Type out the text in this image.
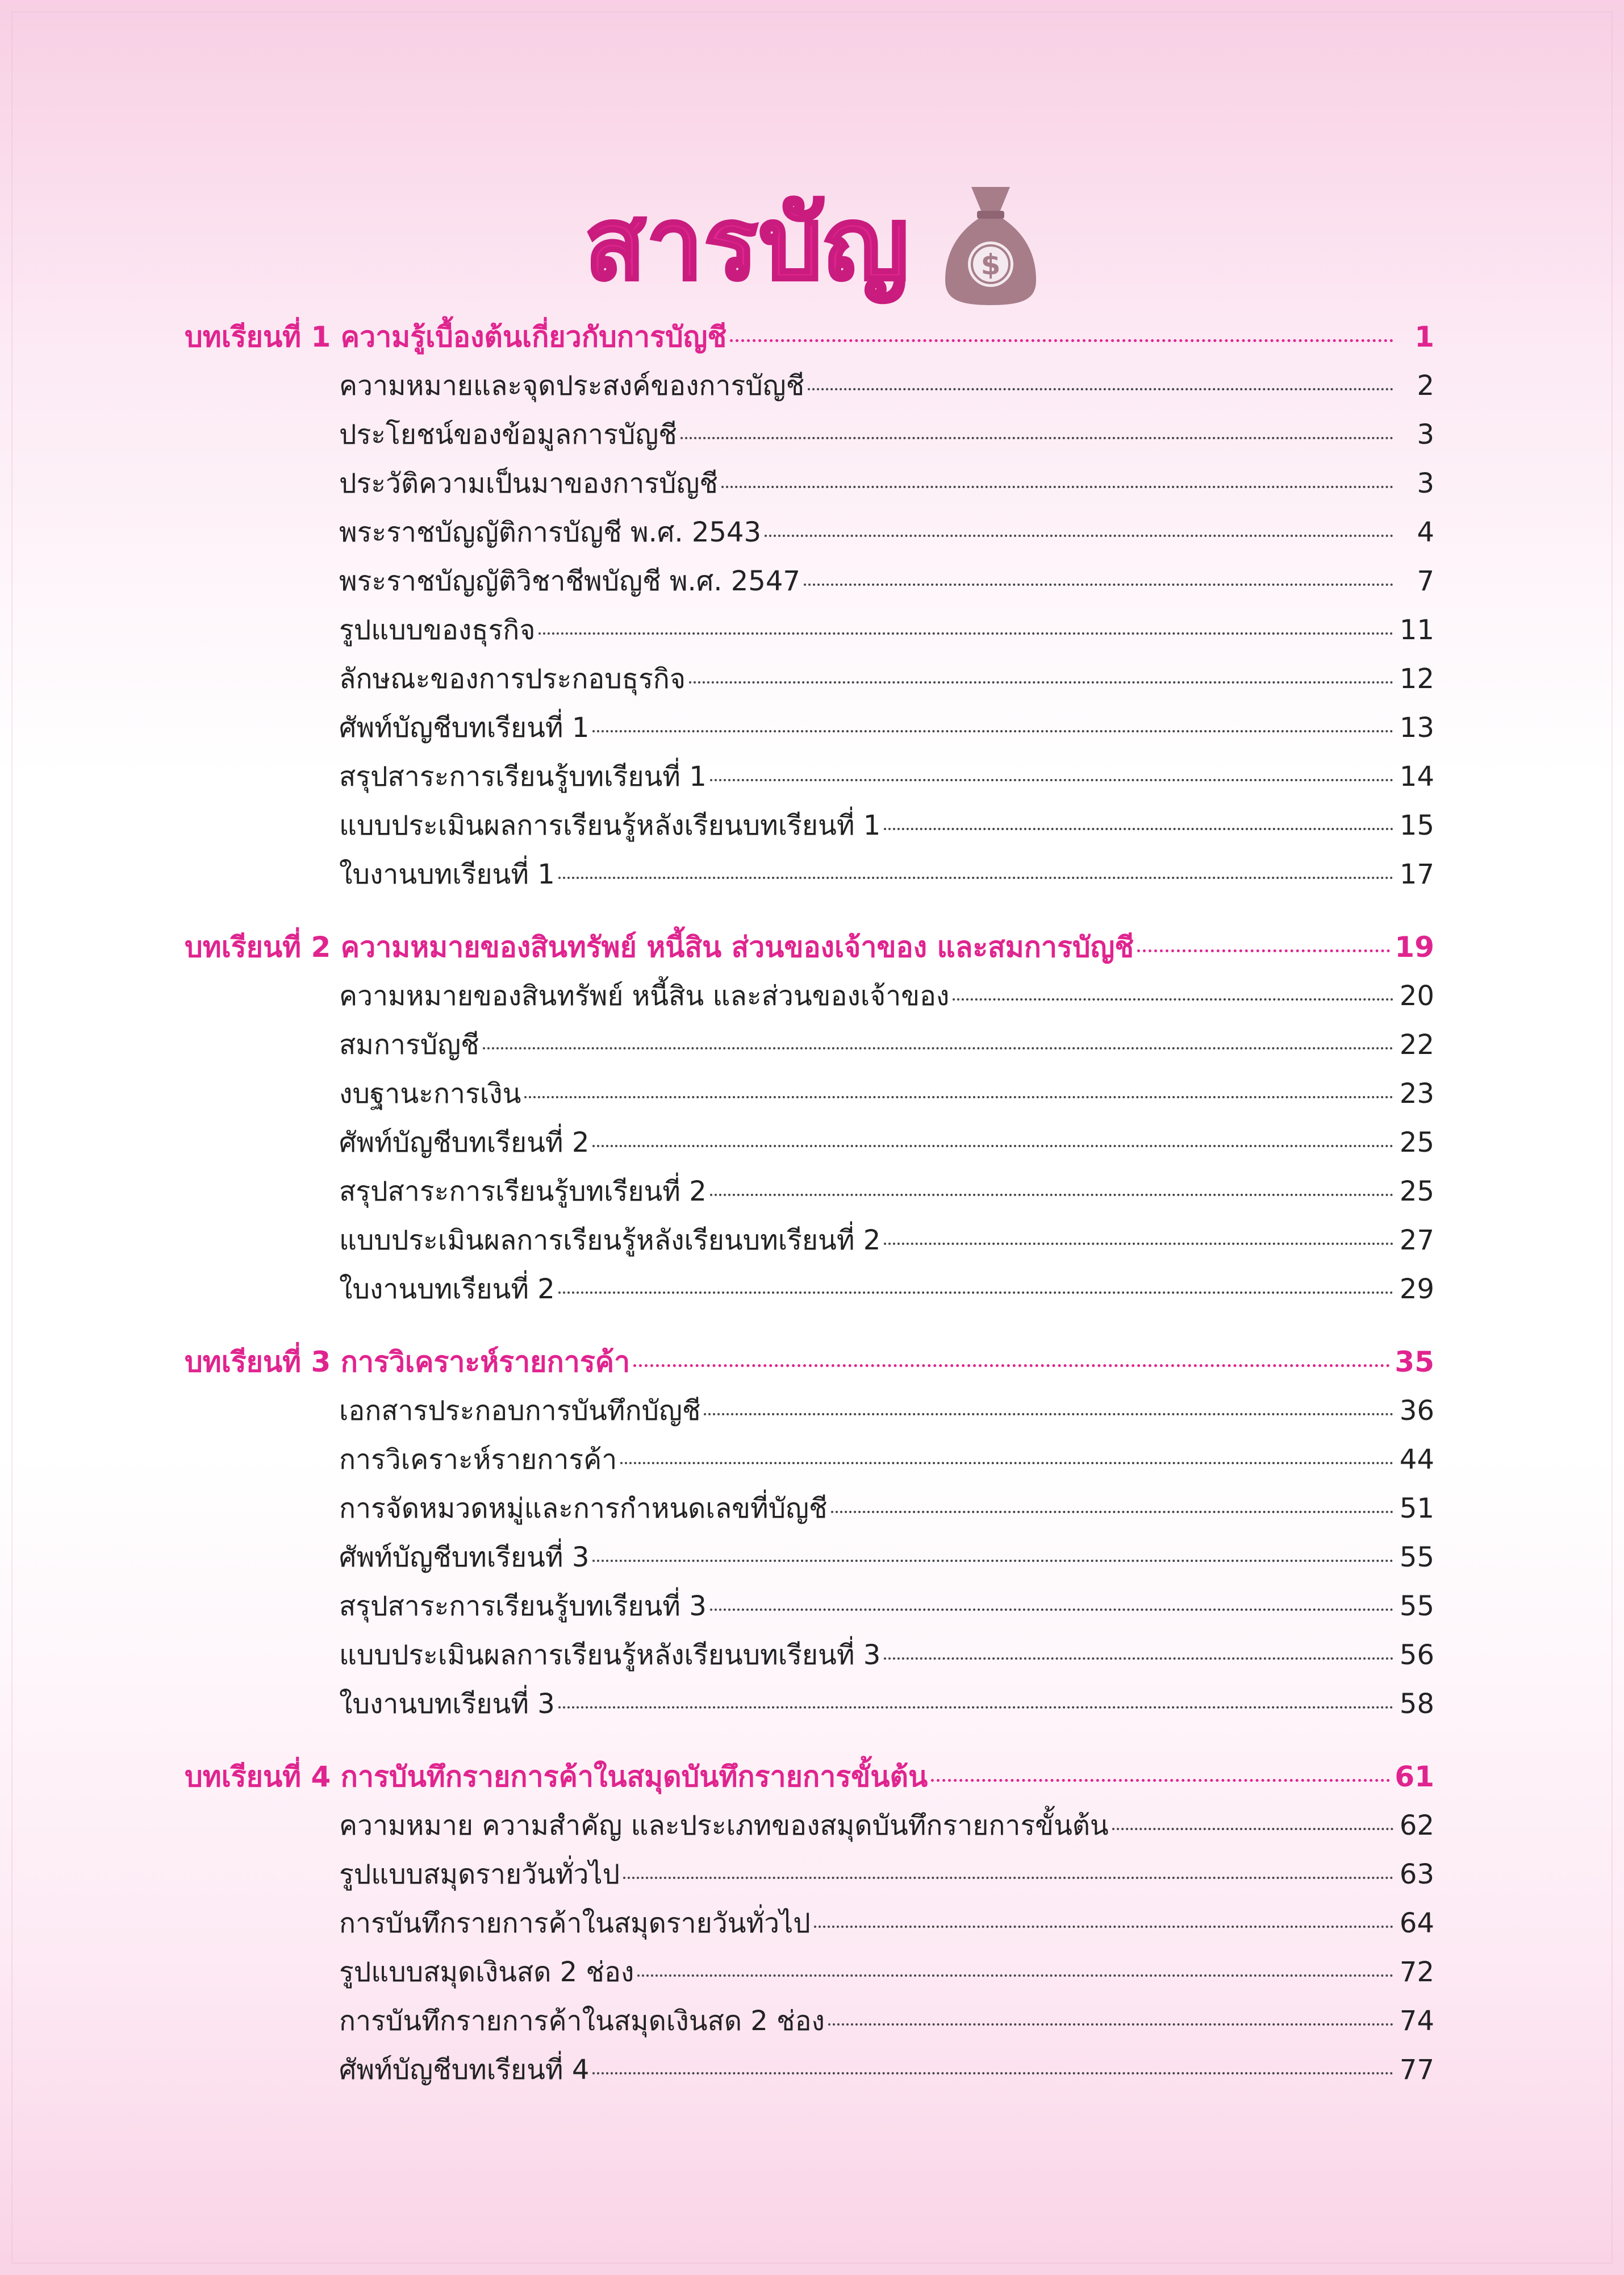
สารบัญ $
บทเรียนที่ 1 ความรู้เบื้องต้นเกี่ยวกับการบัญชี	1
ความหมายและจุดประสงค์ของการบัญชี	2
ประโยชน์ของข้อมูลการบัญชี	3
ประวัติความเป็นมาของการบัญชี	3
พระราชบัญญัติการบัญชี พ.ศ. 2543	4
พระราชบัญญัติวิชาชีพบัญชี พ.ศ. 2547	7
รูปแบบของธุรกิจ	11
ลักษณะของการประกอบธุรกิจ	12
ศัพท์บัญชีบทเรียนที่ 1	13
สรุปสาระการเรียนรู้บทเรียนที่ 1	14
แบบประเมินผลการเรียนรู้หลังเรียนบทเรียนที่ 1	15
ใบงานบทเรียนที่ 1	17
บทเรียนที่ 2 ความหมายของสินทรัพย์ หนี้สิน ส่วนของเจ้าของ และสมการบัญชี	19
ความหมายของสินทรัพย์ หนี้สิน และส่วนของเจ้าของ	20
สมการบัญชี	22
งบฐานะการเงิน	23
ศัพท์บัญชีบทเรียนที่ 2	25
สรุปสาระการเรียนรู้บทเรียนที่ 2	25
แบบประเมินผลการเรียนรู้หลังเรียนบทเรียนที่ 2	27
ใบงานบทเรียนที่ 2	29
บทเรียนที่ 3 การวิเคราะห์รายการค้า	35
เอกสารประกอบการบันทึกบัญชี	36
การวิเคราะห์รายการค้า	44
การจัดหมวดหมู่และการกำหนดเลขที่บัญชี	51
ศัพท์บัญชีบทเรียนที่ 3	55
สรุปสาระการเรียนรู้บทเรียนที่ 3	55
แบบประเมินผลการเรียนรู้หลังเรียนบทเรียนที่ 3	56
ใบงานบทเรียนที่ 3	58
บทเรียนที่ 4 การบันทึกรายการค้าในสมุดบันทึกรายการขั้นต้น	61
ความหมาย ความสำคัญ และประเภทของสมุดบันทึกรายการขั้นต้น	62
รูปแบบสมุดรายวันทั่วไป	63
การบันทึกรายการค้าในสมุดรายวันทั่วไป	64
รูปแบบสมุดเงินสด 2 ช่อง	72
การบันทึกรายการค้าในสมุดเงินสด 2 ช่อง	74
ศัพท์บัญชีบทเรียนที่ 4	77
